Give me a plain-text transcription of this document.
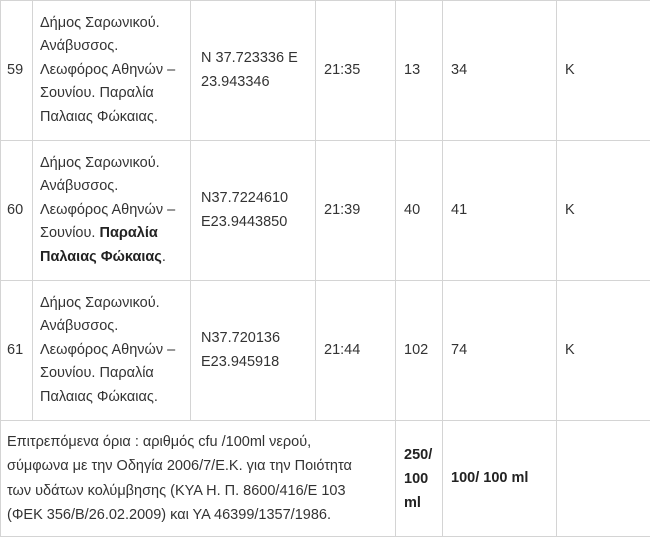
59	Δήμος Σαρωνικού.
Ανάβυσσος.
Λεωφόρος Αθηνών –
Σουνίου. Παραλία
Παλαιας Φώκαιας.	N 37.723336 E
23.943346	21:35	13	34	K
60	Δήμος Σαρωνικού.
Ανάβυσσος.
Λεωφόρος Αθηνών –
Σουνίου. Παραλία
Παλαιας Φώκαιας.	N37.7224610
E23.9443850	21:39	40	41	K
61	Δήμος Σαρωνικού.
Ανάβυσσος.
Λεωφόρος Αθηνών –
Σουνίου. Παραλία
Παλαιας Φώκαιας.	N37.720136
E23.945918	21:44	102	74	K

Επιτρεπόμενα όρια : αριθμός cfu /100ml νερού,
σύμφωνα με την Οδηγία 2006/7/Ε.Κ. για την Ποιότητα
των υδάτων κολύμβησης (ΚΥΑ Η. Π. 8600/416/Ε 103
(ΦΕΚ 356/Β/26.02.2009) και ΥΑ 46399/1357/1986.				250/
100
ml	100/ 100 ml	
